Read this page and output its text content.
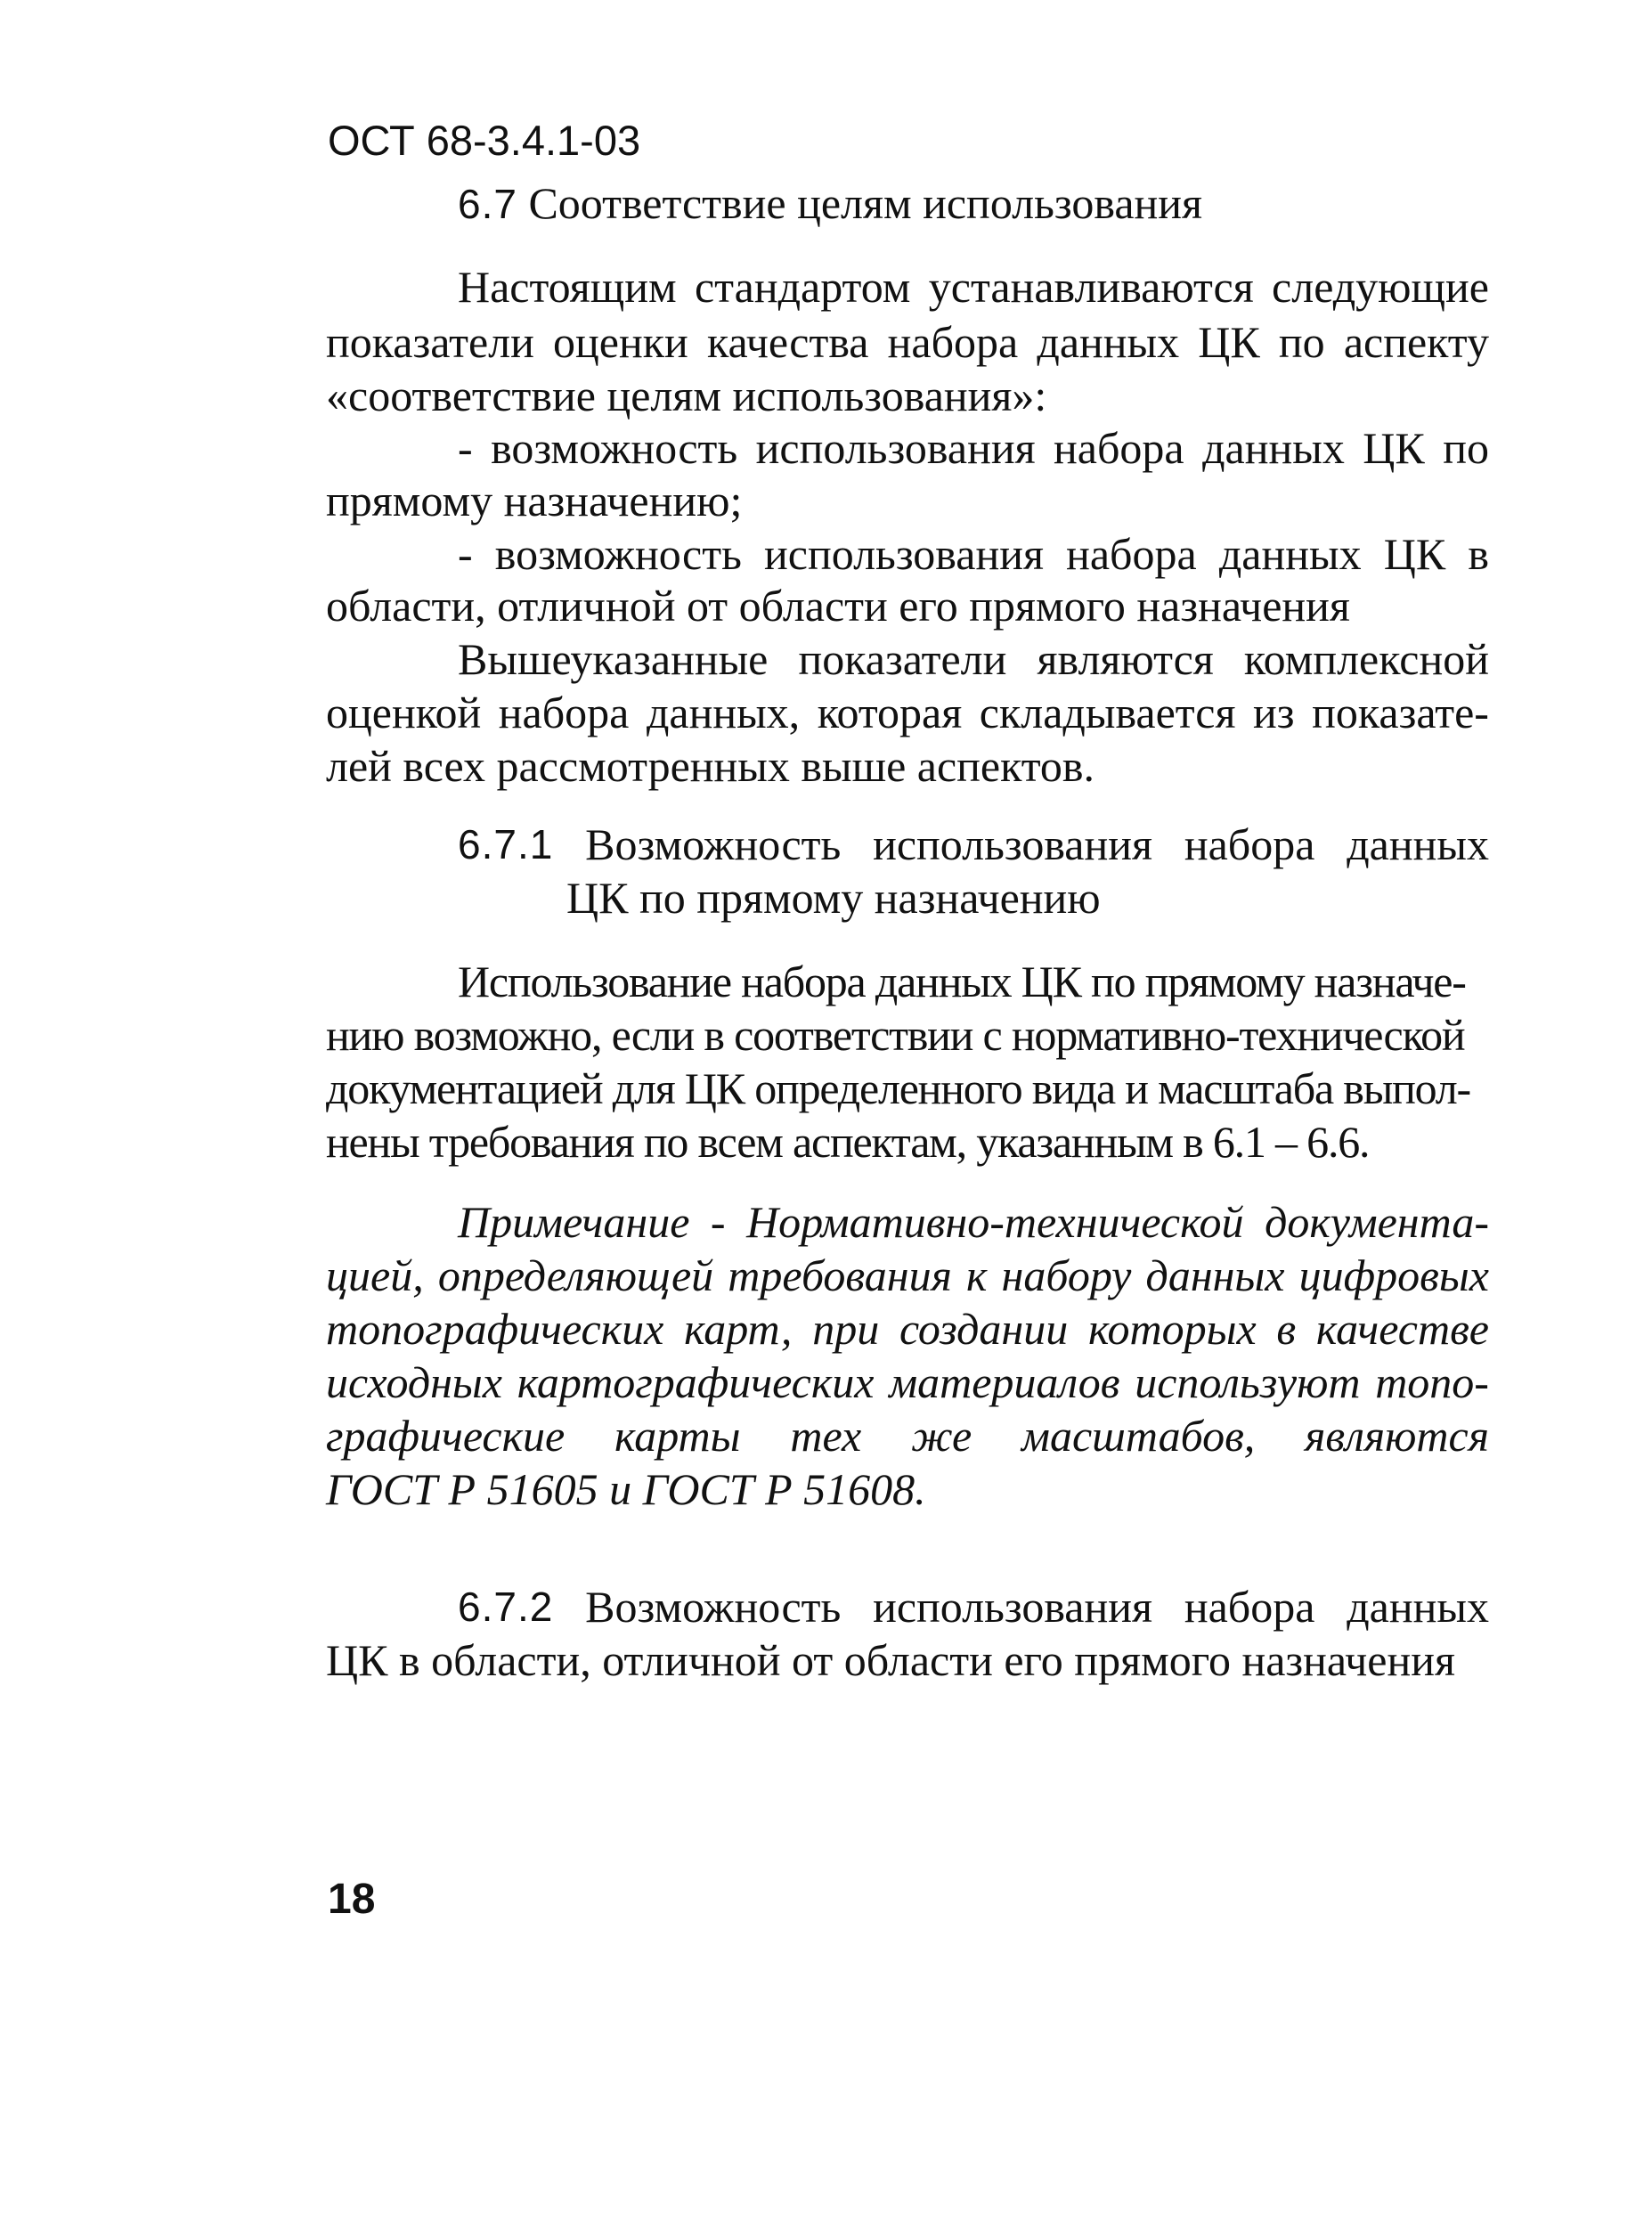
ОСТ 68-3.4.1-03
6.7 Соответствие целям использования
Настоящим стандартом устанавливаются следующие
показатели оценки качества набора данных ЦК по аспекту
«соответствие целям использования»:
- возможность использования набора данных ЦК по
прямому назначению;
- возможность использования набора данных ЦК в
области, отличной от области его прямого назначения
Вышеуказанные показатели являются комплексной
оценкой набора данных, которая складывается из показате-
лей всех рассмотренных выше аспектов.
6.7.1 Возможность использования набора данных
ЦК по прямому назначению
Использование набора данных ЦК по прямому назначе-
нию возможно, если в соответствии с нормативно-технической
документацией для ЦК определенного вида и масштаба выпол-
нены требования по всем аспектам, указанным в 6.1 – 6.6.
Примечание - Нормативно-технической документа-
цией, определяющей требования к набору данных цифровых
топографических карт, при создании которых в качестве
исходных картографических материалов используют топо-
графические карты тех же масштабов, являются
ГОСТ Р 51605 и ГОСТ Р 51608.
6.7.2 Возможность использования набора данных
ЦК в области, отличной от области его прямого назначения
18
